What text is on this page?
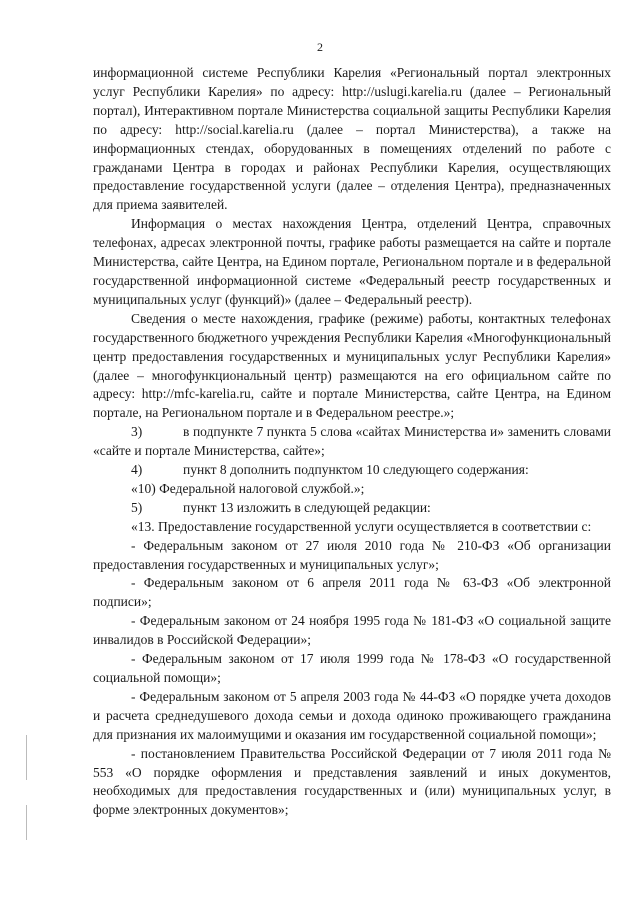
2

информационной системе Республики Карелия «Региональный портал электронных услуг Республики Карелия» по адресу: http://uslugi.karelia.ru (далее – Региональный портал), Интерактивном портале Министерства социальной защиты Республики Карелия по адресу: http://social.karelia.ru (далее – портал Министерства), а также на информационных стендах, оборудованных в помещениях отделений по работе с гражданами Центра в городах и районах Республики Карелия, осуществляющих предоставление государственной услуги (далее – отделения Центра), предназначенных для приема заявителей.

Информация о местах нахождения Центра, отделений Центра, справочных телефонах, адресах электронной почты, графике работы размещается на сайте и портале Министерства, сайте Центра, на Едином портале, Региональном портале и в федеральной государственной информационной системе «Федеральный реестр государственных и муниципальных услуг (функций)» (далее – Федеральный реестр).

Сведения о месте нахождения, графике (режиме) работы, контактных телефонах государственного бюджетного учреждения Республики Карелия «Многофункциональный центр предоставления государственных и муниципальных услуг Республики Карелия» (далее – многофункциональный центр) размещаются на его официальном сайте по адресу: http://mfc-karelia.ru, сайте и портале Министерства, сайте Центра, на Едином портале, на Региональном портале и в Федеральном реестре.»;

3)	в подпункте 7 пункта 5 слова «сайтах Министерства и» заменить словами «сайте и портале Министерства, сайте»;

4)	пункт 8 дополнить подпунктом 10 следующего содержания:

«10) Федеральной налоговой службой.»;

5)	пункт 13 изложить в следующей редакции:

«13. Предоставление государственной услуги осуществляется в соответствии с:

- Федеральным законом от 27 июля 2010 года № 210-ФЗ «Об организации предоставления государственных и муниципальных услуг»;

- Федеральным законом от 6 апреля 2011 года № 63-ФЗ «Об электронной подписи»;

- Федеральным законом от 24 ноября 1995 года № 181-ФЗ «О социальной защите инвалидов в Российской Федерации»;

- Федеральным законом от 17 июля 1999 года № 178-ФЗ «О государственной социальной помощи»;

- Федеральным законом от 5 апреля 2003 года № 44-ФЗ «О порядке учета доходов и расчета среднедушевого дохода семьи и дохода одиноко проживающего гражданина для признания их малоимущими и оказания им государственной социальной помощи»;

- постановлением Правительства Российской Федерации от 7 июля 2011 года № 553 «О порядке оформления и представления заявлений и иных документов, необходимых для предоставления государственных и (или) муниципальных услуг, в форме электронных документов»;
